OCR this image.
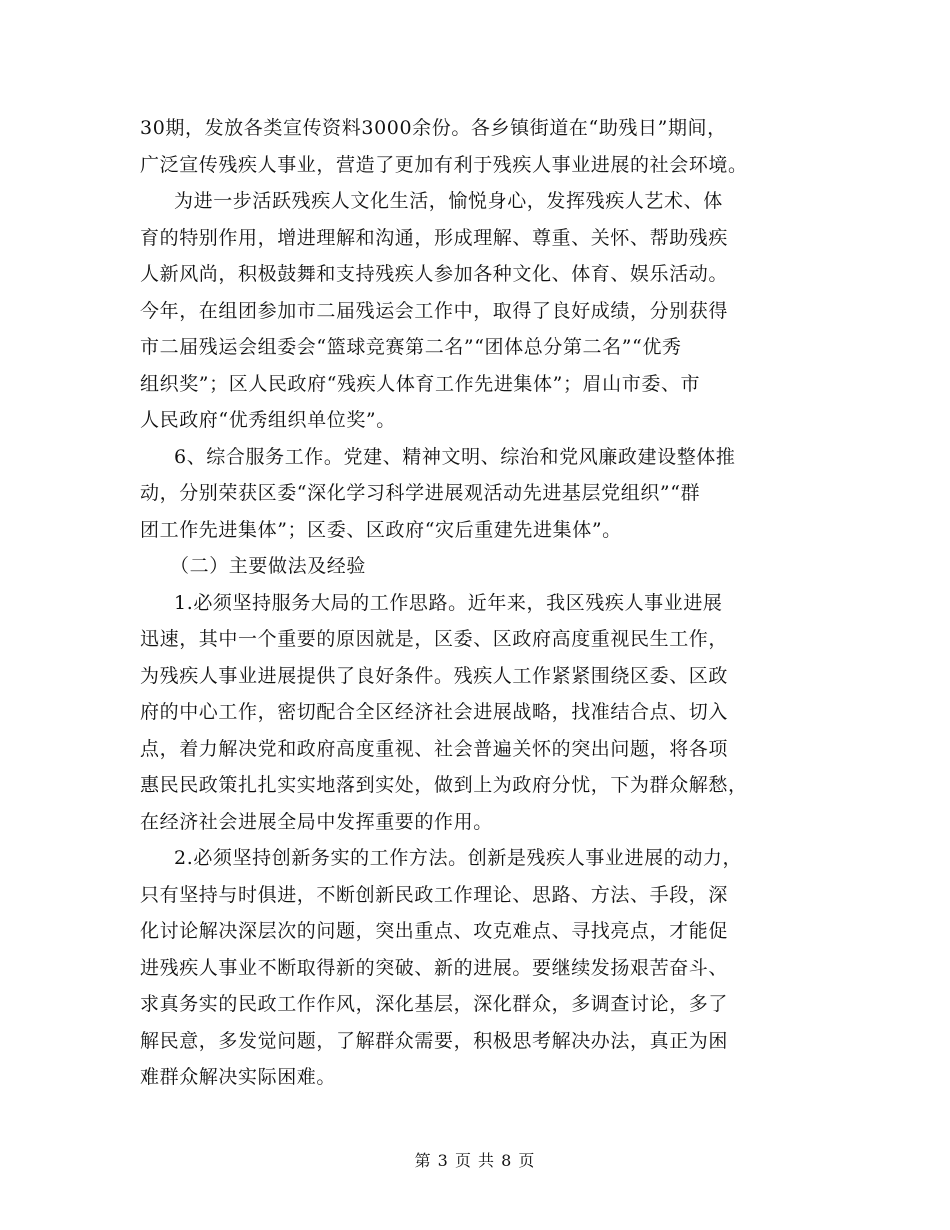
30期，发放各类宣传资料3000余份。各乡镇街道在“助残日”期间，
广泛宣传残疾人事业，营造了更加有利于残疾人事业进展的社会环境。
为进一步活跃残疾人文化生活，愉悦身心，发挥残疾人艺术、体
育的特别作用，增进理解和沟通，形成理解、尊重、关怀、帮助残疾
人新风尚，积极鼓舞和支持残疾人参加各种文化、体育、娱乐活动。
今年，在组团参加市二届残运会工作中，取得了良好成绩，分别获得
市二届残运会组委会“篮球竞赛第二名”“团体总分第二名”“优秀
组织奖”；区人民政府“残疾人体育工作先进集体”；眉山市委、市
人民政府“优秀组织单位奖”。
6、综合服务工作。党建、精神文明、综治和党风廉政建设整体推
动，分别荣获区委“深化学习科学进展观活动先进基层党组织”“群
团工作先进集体”；区委、区政府“灾后重建先进集体”。
（二）主要做法及经验
1.必须坚持服务大局的工作思路。近年来，我区残疾人事业进展
迅速，其中一个重要的原因就是，区委、区政府高度重视民生工作，
为残疾人事业进展提供了良好条件。残疾人工作紧紧围绕区委、区政
府的中心工作，密切配合全区经济社会进展战略，找准结合点、切入
点，着力解决党和政府高度重视、社会普遍关怀的突出问题，将各项
惠民民政策扎扎实实地落到实处，做到上为政府分忧，下为群众解愁，
在经济社会进展全局中发挥重要的作用。
2.必须坚持创新务实的工作方法。创新是残疾人事业进展的动力，
只有坚持与时俱进，不断创新民政工作理论、思路、方法、手段，深
化讨论解决深层次的问题，突出重点、攻克难点、寻找亮点，才能促
进残疾人事业不断取得新的突破、新的进展。要继续发扬艰苦奋斗、
求真务实的民政工作作风，深化基层，深化群众，多调查讨论，多了
解民意，多发觉问题，了解群众需要，积极思考解决办法，真正为困
难群众解决实际困难。
第 3 页 共 8 页
